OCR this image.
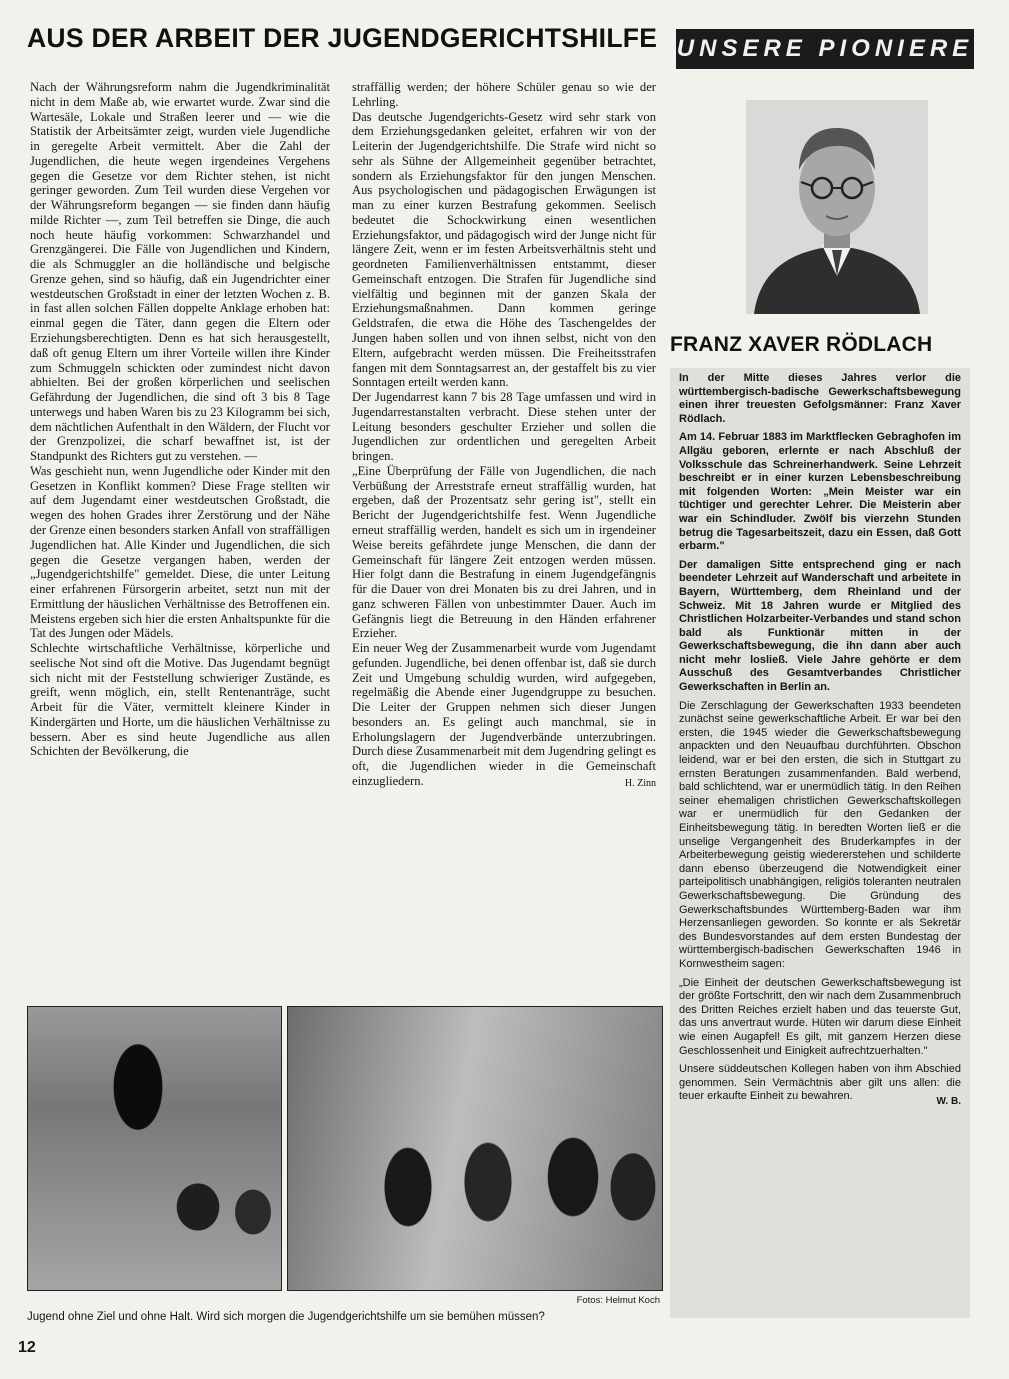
AUS DER ARBEIT DER JUGENDGERICHTSHILFE UNSERE PIONIERE

Nach der Währungsreform nahm die Jugendkriminalität nicht in dem Maße ab, wie erwartet wurde. Zwar sind die Wartesäle, Lokale und Straßen leerer und — wie die Statistik der Arbeitsämter zeigt, wurden viele Jugendliche in geregelte Arbeit vermittelt. Aber die Zahl der Jugendlichen, die heute wegen irgendeines Vergehens gegen die Gesetze vor dem Richter stehen, ist nicht geringer geworden. Zum Teil wurden diese Vergehen vor der Währungsreform begangen — sie finden dann häufig milde Richter —, zum Teil betreffen sie Dinge, die auch noch heute häufig vorkommen: Schwarzhandel und Grenzgängerei. Die Fälle von Jugendlichen und Kindern, die als Schmuggler an die holländische und belgische Grenze gehen, sind so häufig, daß ein Jugendrichter einer westdeutschen Großstadt in einer der letzten Wochen z. B. in fast allen solchen Fällen doppelte Anklage erhoben hat: einmal gegen die Täter, dann gegen die Eltern oder Erziehungsberechtigten. Denn es hat sich herausgestellt, daß oft genug Eltern um ihrer Vorteile willen ihre Kinder zum Schmuggeln schickten oder zumindest nicht davon abhielten. Bei der großen körperlichen und seelischen Gefährdung der Jugendlichen, die sind oft 3 bis 8 Tage unterwegs und haben Waren bis zu 23 Kilogramm bei sich, dem nächtlichen Aufenthalt in den Wäldern, der Flucht vor der Grenzpolizei, die scharf bewaffnet ist, ist der Standpunkt des Richters gut zu verstehen. —

Was geschieht nun, wenn Jugendliche oder Kinder mit den Gesetzen in Konflikt kommen? Diese Frage stellten wir auf dem Jugendamt einer westdeutschen Großstadt, die wegen des hohen Grades ihrer Zerstörung und der Nähe der Grenze einen besonders starken Anfall von straffälligen Jugendlichen hat. Alle Kinder und Jugendlichen, die sich gegen die Gesetze vergangen haben, werden der „Jugendgerichtshilfe" gemeldet. Diese, die unter Leitung einer erfahrenen Fürsorgerin arbeitet, setzt nun mit der Ermittlung der häuslichen Verhältnisse des Betroffenen ein. Meistens ergeben sich hier die ersten Anhaltspunkte für die Tat des Jungen oder Mädels.

Schlechte wirtschaftliche Verhältnisse, körperliche und seelische Not sind oft die Motive. Das Jugendamt begnügt sich nicht mit der Feststellung schwieriger Zustände, es greift, wenn möglich, ein, stellt Rentenanträge, sucht Arbeit für die Väter, vermittelt kleinere Kinder in Kindergärten und Horte, um die häuslichen Verhältnisse zu bessern. Aber es sind heute Jugendliche aus allen Schichten der Bevölkerung, die

straffällig werden; der höhere Schüler genau so wie der Lehrling.

Das deutsche Jugendgerichts-Gesetz wird sehr stark von dem Erziehungsgedanken geleitet, erfahren wir von der Leiterin der Jugendgerichtshilfe. Die Strafe wird nicht so sehr als Sühne der Allgemeinheit gegenüber betrachtet, sondern als Erziehungsfaktor für den jungen Menschen. Aus psychologischen und pädagogischen Erwägungen ist man zu einer kurzen Bestrafung gekommen. Seelisch bedeutet die Schockwirkung einen wesentlichen Erziehungsfaktor, und pädagogisch wird der Junge nicht für längere Zeit, wenn er im festen Arbeitsverhältnis steht und geordneten Familienverhältnissen entstammt, dieser Gemeinschaft entzogen. Die Strafen für Jugendliche sind vielfältig und beginnen mit der ganzen Skala der Erziehungsmaßnahmen. Dann kommen geringe Geldstrafen, die etwa die Höhe des Taschengeldes der Jungen haben sollen und von ihnen selbst, nicht von den Eltern, aufgebracht werden müssen. Die Freiheitsstrafen fangen mit dem Sonntagsarrest an, der gestaffelt bis zu vier Sonntagen erteilt werden kann.

Der Jugendarrest kann 7 bis 28 Tage umfassen und wird in Jugendarrestanstalten verbracht. Diese stehen unter der Leitung besonders geschulter Erzieher und sollen die Jugendlichen zur ordentlichen und geregelten Arbeit bringen.

„Eine Überprüfung der Fälle von Jugendlichen, die nach Verbüßung der Arreststrafe erneut straffällig wurden, hat ergeben, daß der Prozentsatz sehr gering ist", stellt ein Bericht der Jugendgerichtshilfe fest. Wenn Jugendliche erneut straffällig werden, handelt es sich um in irgendeiner Weise bereits gefährdete junge Menschen, die dann der Gemeinschaft für längere Zeit entzogen werden müssen. Hier folgt dann die Bestrafung in einem Jugendgefängnis für die Dauer von drei Monaten bis zu drei Jahren, und in ganz schweren Fällen von unbestimmter Dauer. Auch im Gefängnis liegt die Betreuung in den Händen erfahrener Erzieher.

Ein neuer Weg der Zusammenarbeit wurde vom Jugendamt gefunden. Jugendliche, bei denen offenbar ist, daß sie durch Zeit und Umgebung schuldig wurden, wird aufgegeben, regelmäßig die Abende einer Jugendgruppe zu besuchen. Die Leiter der Gruppen nehmen sich dieser Jungen besonders an. Es gelingt auch manchmal, sie in Erholungslagern der Jugendverbände unterzubringen. Durch diese Zusammenarbeit mit dem Jugendring gelingt es oft, die Jugendlichen wieder in die Gemeinschaft einzugliedern.	H. Zinn
FRANZ XAVER RÖDLACH

In der Mitte dieses Jahres verlor die württembergisch-badische Gewerkschaftsbewegung einen ihrer treuesten Gefolgsmänner: Franz Xaver Rödlach.

Am 14. Februar 1883 im Marktflecken Gebraghofen im Allgäu geboren, erlernte er nach Abschluß der Volksschule das Schreinerhandwerk. Seine Lehrzeit beschreibt er in einer kurzen Lebensbeschreibung mit folgenden Worten: „Mein Meister war ein tüchtiger und gerechter Lehrer. Die Meisterin aber war ein Schindluder. Zwölf bis vierzehn Stunden betrug die Tagesarbeitszeit, dazu ein Essen, daß Gott erbarm."

Der damaligen Sitte entsprechend ging er nach beendeter Lehrzeit auf Wanderschaft und arbeitete in Bayern, Württemberg, dem Rheinland und der Schweiz. Mit 18 Jahren wurde er Mitglied des Christlichen Holzarbeiter-Verbandes und stand schon bald als Funktionär mitten in der Gewerkschaftsbewegung, die ihn dann aber auch nicht mehr losließ. Viele Jahre gehörte er dem Ausschuß des Gesamtverbandes Christlicher Gewerkschaften in Berlin an.

Die Zerschlagung der Gewerkschaften 1933 beendeten zunächst seine gewerkschaftliche Arbeit. Er war bei den ersten, die 1945 wieder die Gewerkschaftsbewegung anpackten und den Neuaufbau durchführten. Obschon leidend, war er bei den ersten, die sich in Stuttgart zu ernsten Beratungen zusammenfanden. Bald werbend, bald schlichtend, war er unermüdlich tätig. In den Reihen seiner ehemaligen christlichen Gewerkschaftskollegen war er unermüdlich für den Gedanken der Einheitsbewegung tätig. In beredten Worten ließ er die unselige Vergangenheit des Bruderkampfes in der Arbeiterbewegung geistig wiedererstehen und schilderte dann ebenso überzeugend die Notwendigkeit einer parteipolitisch unabhängigen, religiös toleranten neutralen Gewerkschaftsbewegung. Die Gründung des Gewerkschaftsbundes Württemberg-Baden war ihm Herzensanliegen geworden. So konnte er als Sekretär des Bundesvorstandes auf dem ersten Bundestag der württembergisch-badischen Gewerkschaften 1946 in Kornwestheim sagen:

„Die Einheit der deutschen Gewerkschaftsbewegung ist der größte Fortschritt, den wir nach dem Zusammenbruch des Dritten Reiches erzielt haben und das teuerste Gut, das uns anvertraut wurde. Hüten wir darum diese Einheit wie einen Augapfel! Es gilt, mit ganzem Herzen diese Geschlossenheit und Einigkeit aufrechtzuerhalten."

Unsere süddeutschen Kollegen haben von ihm Abschied genommen. Sein Vermächtnis aber gilt uns allen: die teuer erkaufte Einheit zu bewahren.	W. B.

Fotos: Helmut Koch

Jugend ohne Ziel und ohne Halt. Wird sich morgen die Jugendgerichtshilfe um sie bemühen müssen?

12
